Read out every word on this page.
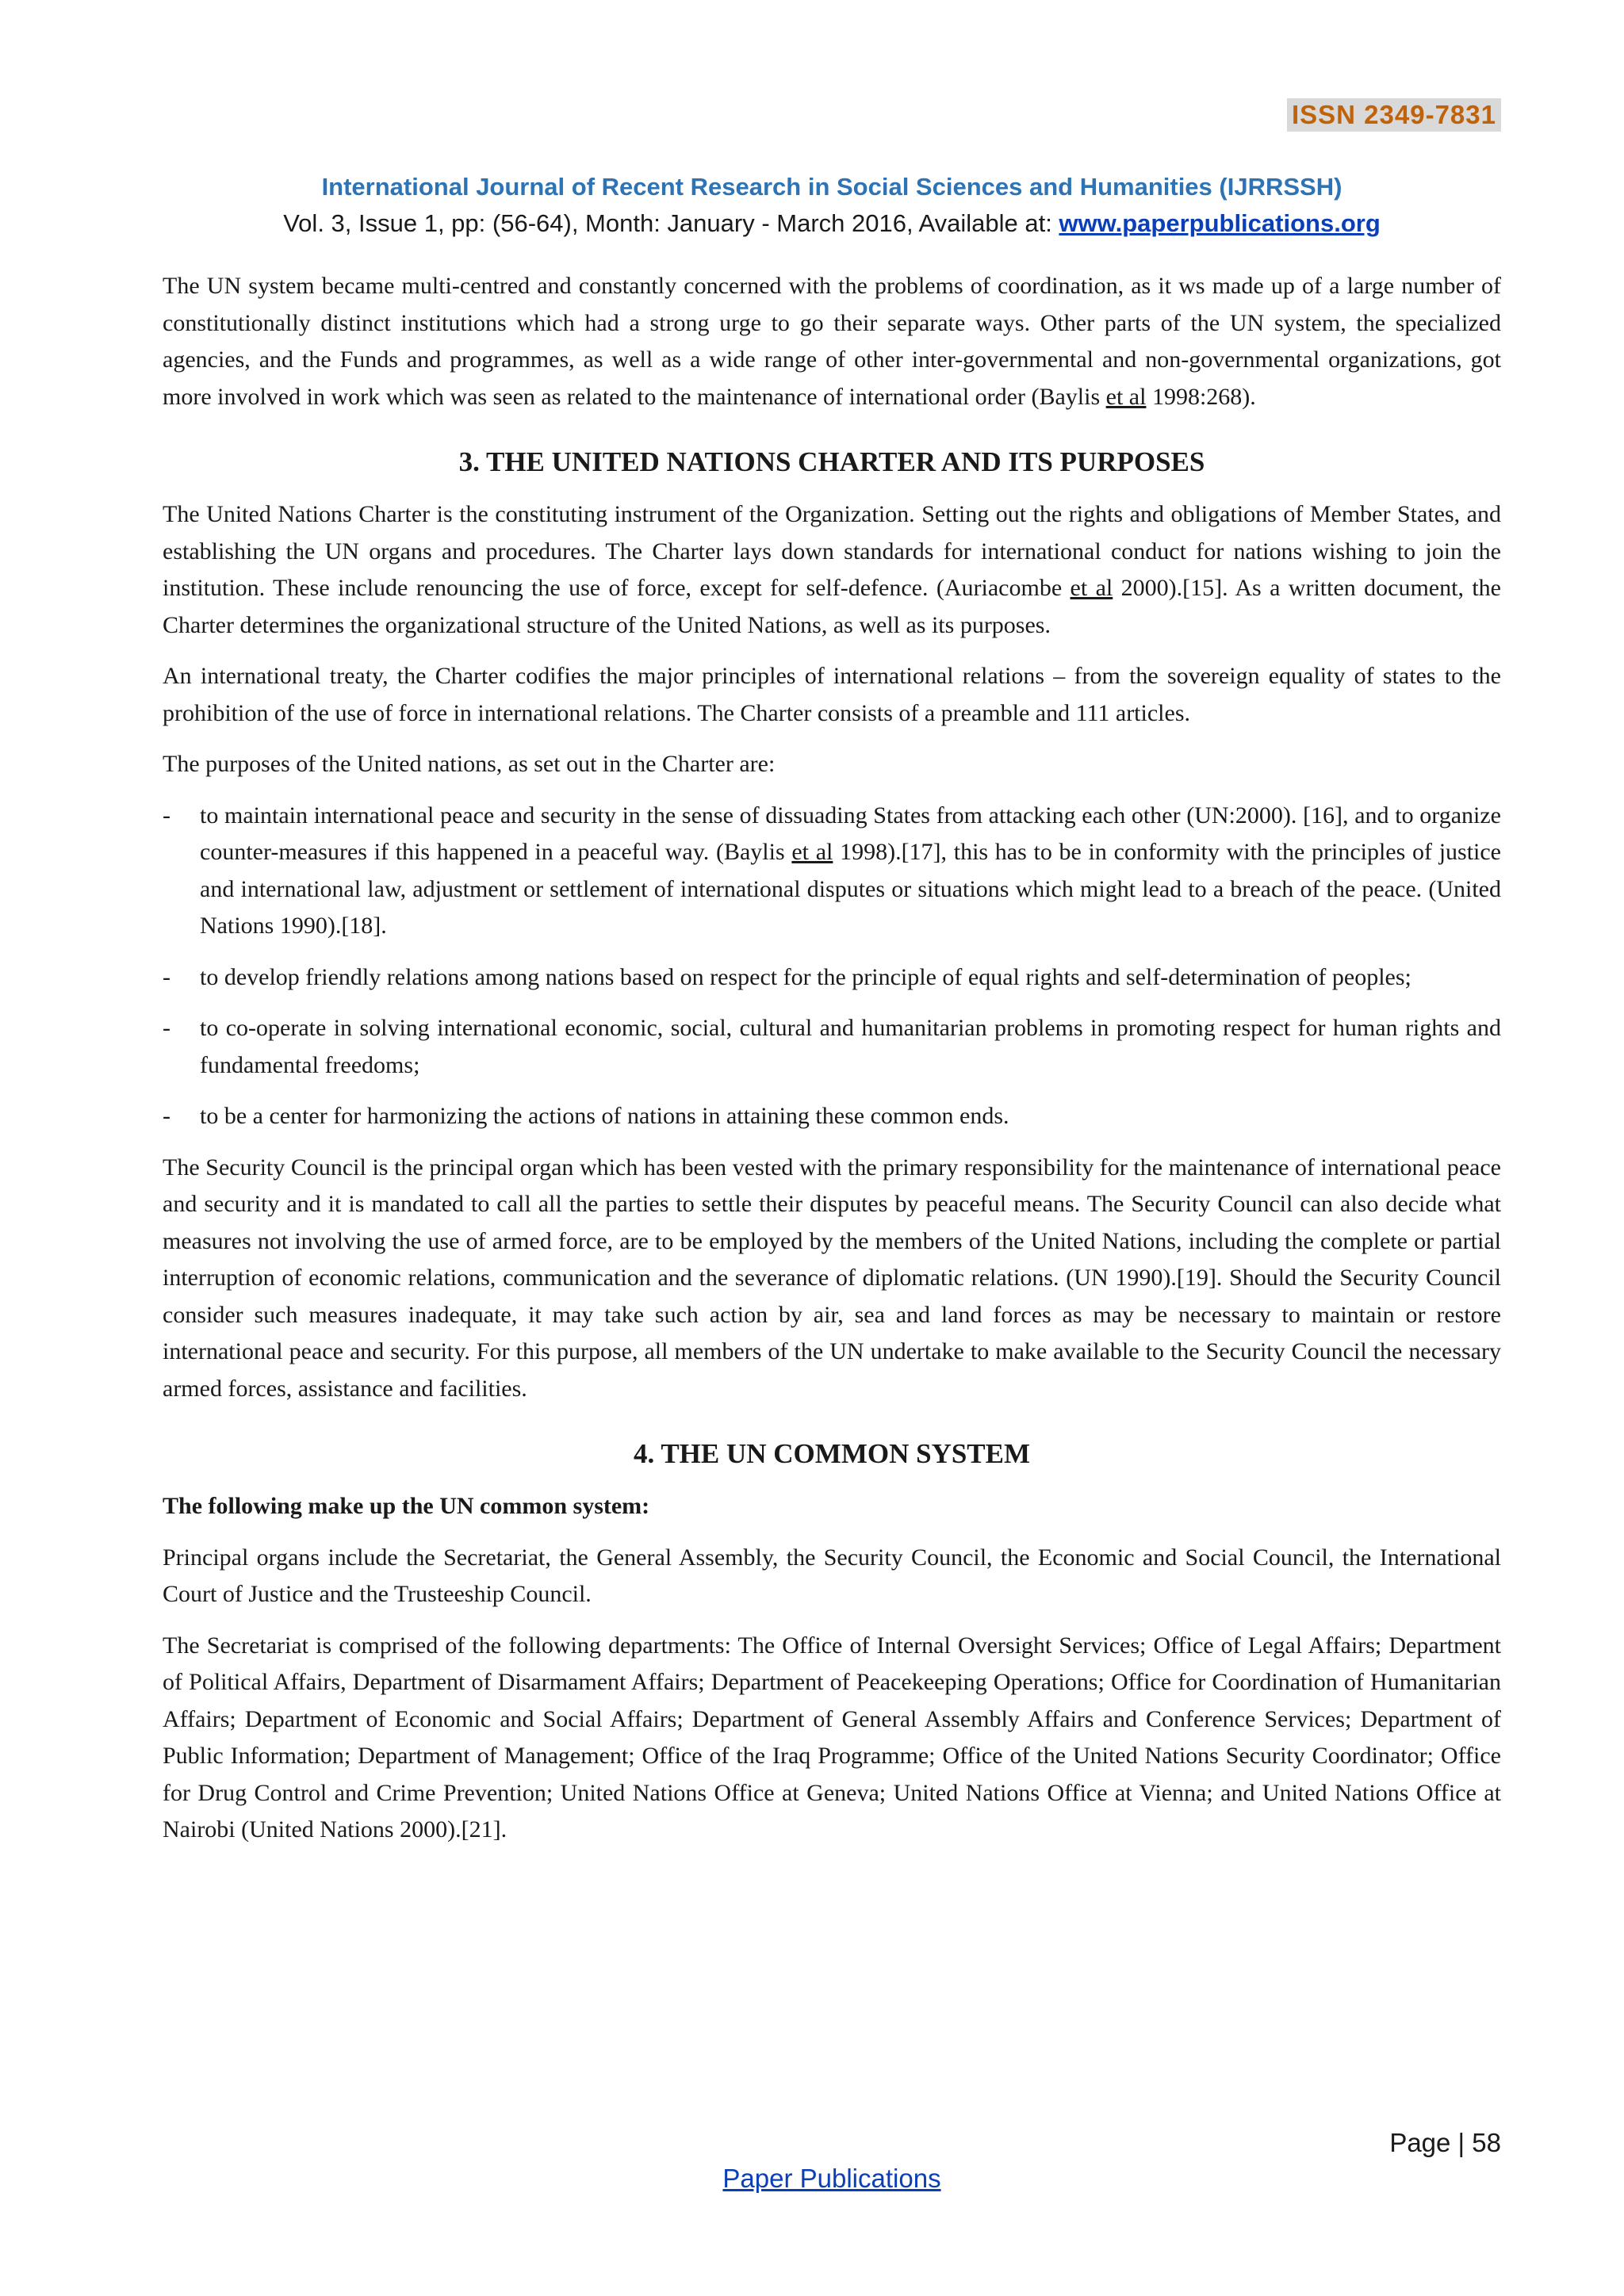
ISSN 2349-7831
International Journal of Recent Research in Social Sciences and Humanities (IJRRSSH)
Vol. 3, Issue 1, pp: (56-64), Month: January - March 2016, Available at: www.paperpublications.org

The UN system became multi-centred and constantly concerned with the problems of coordination, as it ws made up of a large number of constitutionally distinct institutions which had a strong urge to go their separate ways. Other parts of the UN system, the specialized agencies, and the Funds and programmes, as well as a wide range of other inter-governmental and non-governmental organizations, got more involved in work which was seen as related to the maintenance of international order (Baylis et al 1998:268).

3. THE UNITED NATIONS CHARTER AND ITS PURPOSES

The United Nations Charter is the constituting instrument of the Organization. Setting out the rights and obligations of Member States, and establishing the UN organs and procedures. The Charter lays down standards for international conduct for nations wishing to join the institution. These include renouncing the use of force, except for self-defence. (Auriacombe et al 2000).[15]. As a written document, the Charter determines the organizational structure of the United Nations, as well as its purposes.

An international treaty, the Charter codifies the major principles of international relations – from the sovereign equality of states to the prohibition of the use of force in international relations. The Charter consists of a preamble and 111 articles.

The purposes of the United nations, as set out in the Charter are:

- to maintain international peace and security in the sense of dissuading States from attacking each other (UN:2000). [16], and to organize counter-measures if this happened in a peaceful way. (Baylis et al 1998).[17], this has to be in conformity with the principles of justice and international law, adjustment or settlement of international disputes or situations which might lead to a breach of the peace. (United Nations 1990).[18].
- to develop friendly relations among nations based on respect for the principle of equal rights and self-determination of peoples;
- to co-operate in solving international economic, social, cultural and humanitarian problems in promoting respect for human rights and fundamental freedoms;
- to be a center for harmonizing the actions of nations in attaining these common ends.

The Security Council is the principal organ which has been vested with the primary responsibility for the maintenance of international peace and security and it is mandated to call all the parties to settle their disputes by peaceful means. The Security Council can also decide what measures not involving the use of armed force, are to be employed by the members of the United Nations, including the complete or partial interruption of economic relations, communication and the severance of diplomatic relations. (UN 1990).[19]. Should the Security Council consider such measures inadequate, it may take such action by air, sea and land forces as may be necessary to maintain or restore international peace and security. For this purpose, all members of the UN undertake to make available to the Security Council the necessary armed forces, assistance and facilities.

4. THE UN COMMON SYSTEM

The following make up the UN common system:

Principal organs include the Secretariat, the General Assembly, the Security Council, the Economic and Social Council, the International Court of Justice and the Trusteeship Council.

The Secretariat is comprised of the following departments: The Office of Internal Oversight Services; Office of Legal Affairs; Department of Political Affairs, Department of Disarmament Affairs; Department of Peacekeeping Operations; Office for Coordination of Humanitarian Affairs; Department of Economic and Social Affairs; Department of General Assembly Affairs and Conference Services; Department of Public Information; Department of Management; Office of the Iraq Programme; Office of the United Nations Security Coordinator; Office for Drug Control and Crime Prevention; United Nations Office at Geneva; United Nations Office at Vienna; and United Nations Office at Nairobi (United Nations 2000).[21].

Page | 58
Paper Publications
